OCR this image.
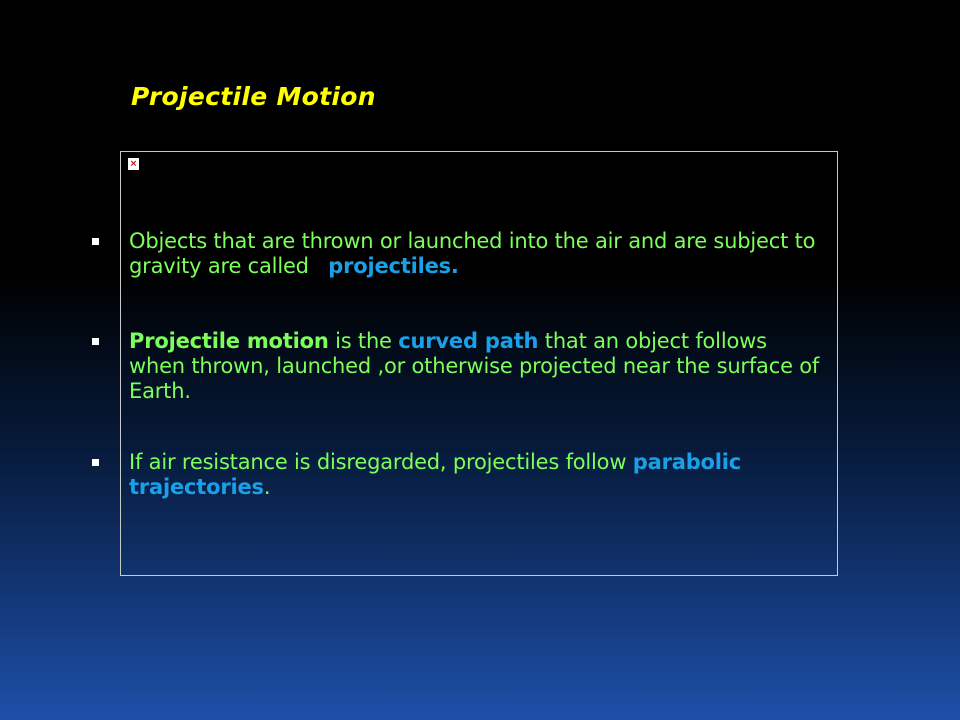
Projectile Motion
×
Objects that are thrown or launched into the air and are subject to gravity are called projectiles.
Projectile motion is the curved path that an object follows when thrown, launched ,or otherwise projected near the surface of Earth.
If air resistance is disregarded, projectiles follow parabolic trajectories.
